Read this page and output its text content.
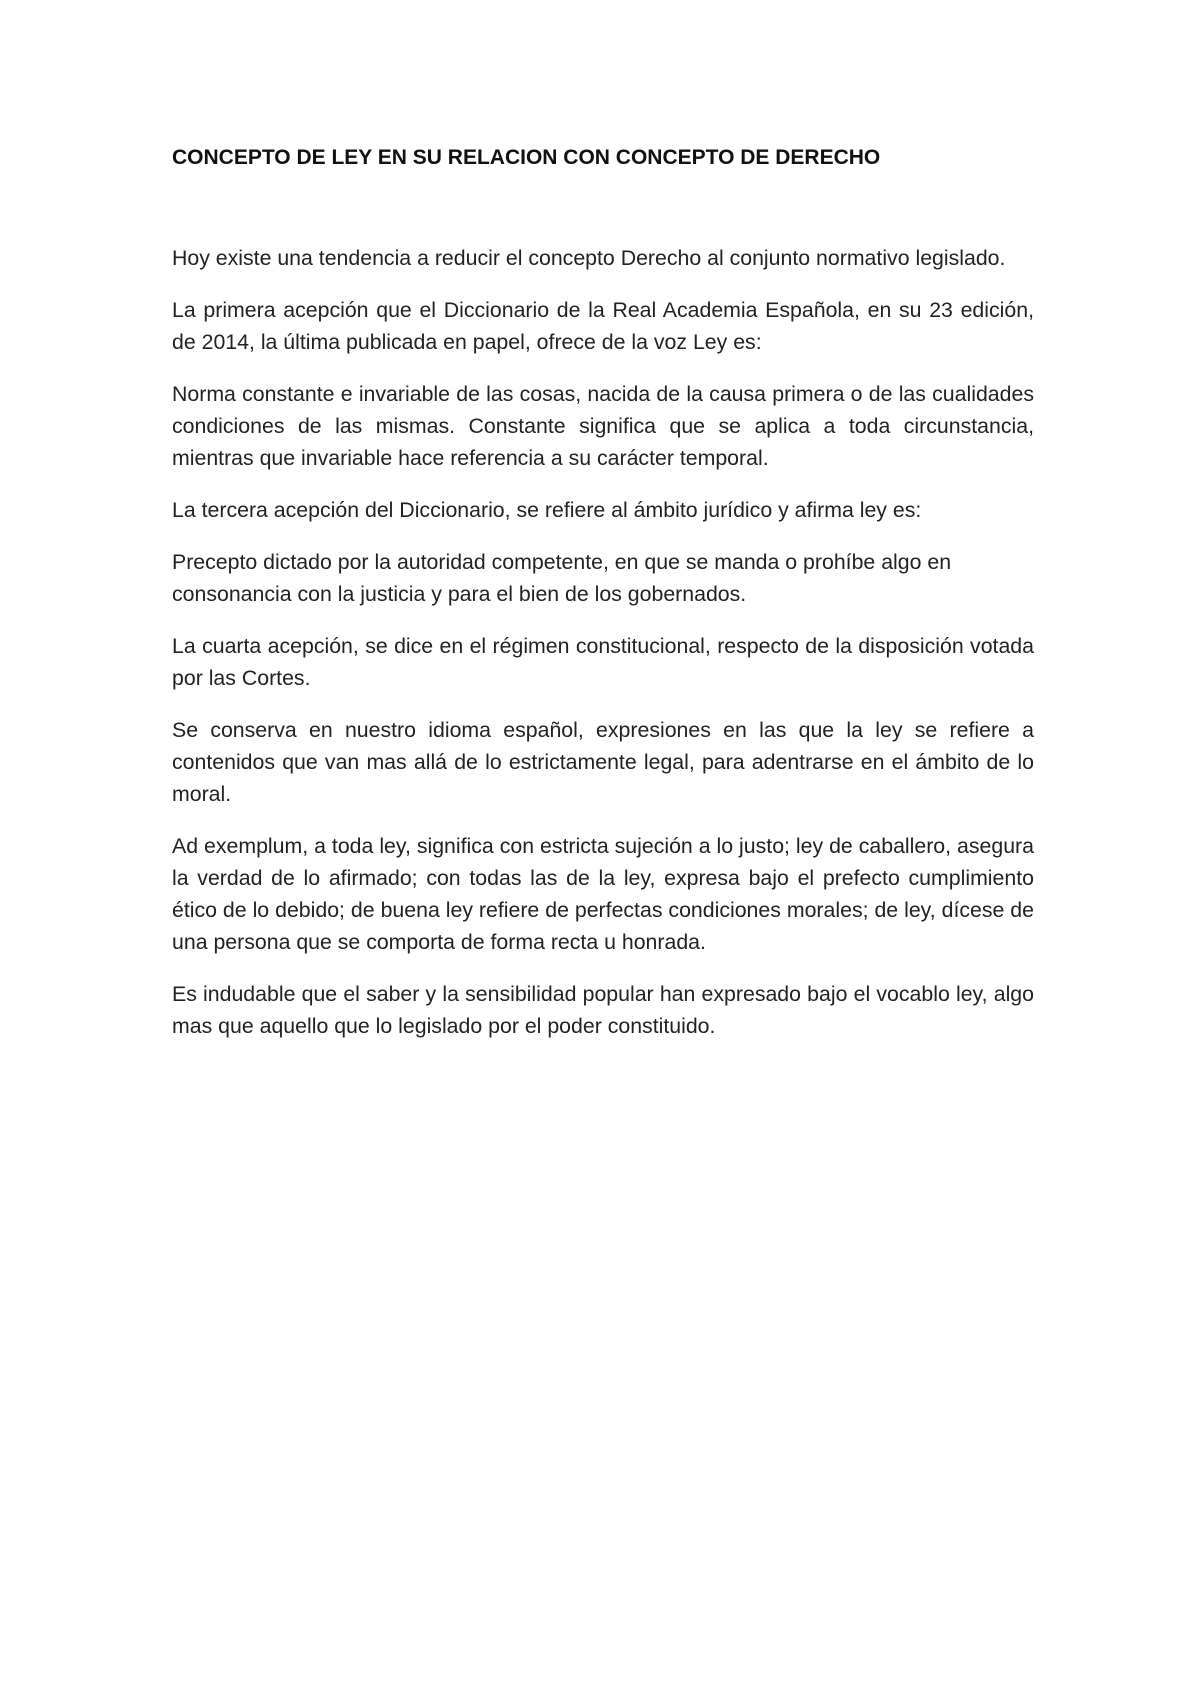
CONCEPTO DE LEY EN SU RELACION CON CONCEPTO DE DERECHO

Hoy existe una tendencia a reducir el concepto Derecho al conjunto normativo legislado.

La primera acepción que el Diccionario de la Real Academia Española, en su 23 edición, de 2014, la última publicada en papel, ofrece de la voz Ley es:

Norma constante e invariable de las cosas, nacida de la causa primera o de las cualidades condiciones de las mismas. Constante significa que se aplica a toda circunstancia, mientras que invariable hace referencia a su carácter temporal.

La tercera acepción del Diccionario, se refiere al ámbito jurídico y afirma ley es:

Precepto dictado por la autoridad competente, en que se manda o prohíbe algo en consonancia con la justicia y para el bien de los gobernados.

La cuarta acepción, se dice en el régimen constitucional, respecto de la disposición votada por las Cortes.

Se conserva en nuestro idioma español, expresiones en las que la ley se refiere a contenidos que van mas allá de lo estrictamente legal, para adentrarse en el ámbito de lo moral.

Ad exemplum, a toda ley, significa con estricta sujeción a lo justo; ley de caballero, asegura la verdad de lo afirmado; con todas las de la ley, expresa bajo el prefecto cumplimiento ético de lo debido; de buena ley refiere de perfectas condiciones morales; de ley, dícese de una persona que se comporta de forma recta u honrada.

Es indudable que el saber y la sensibilidad popular han expresado bajo el vocablo ley, algo mas que aquello que lo legislado por el poder constituido.
